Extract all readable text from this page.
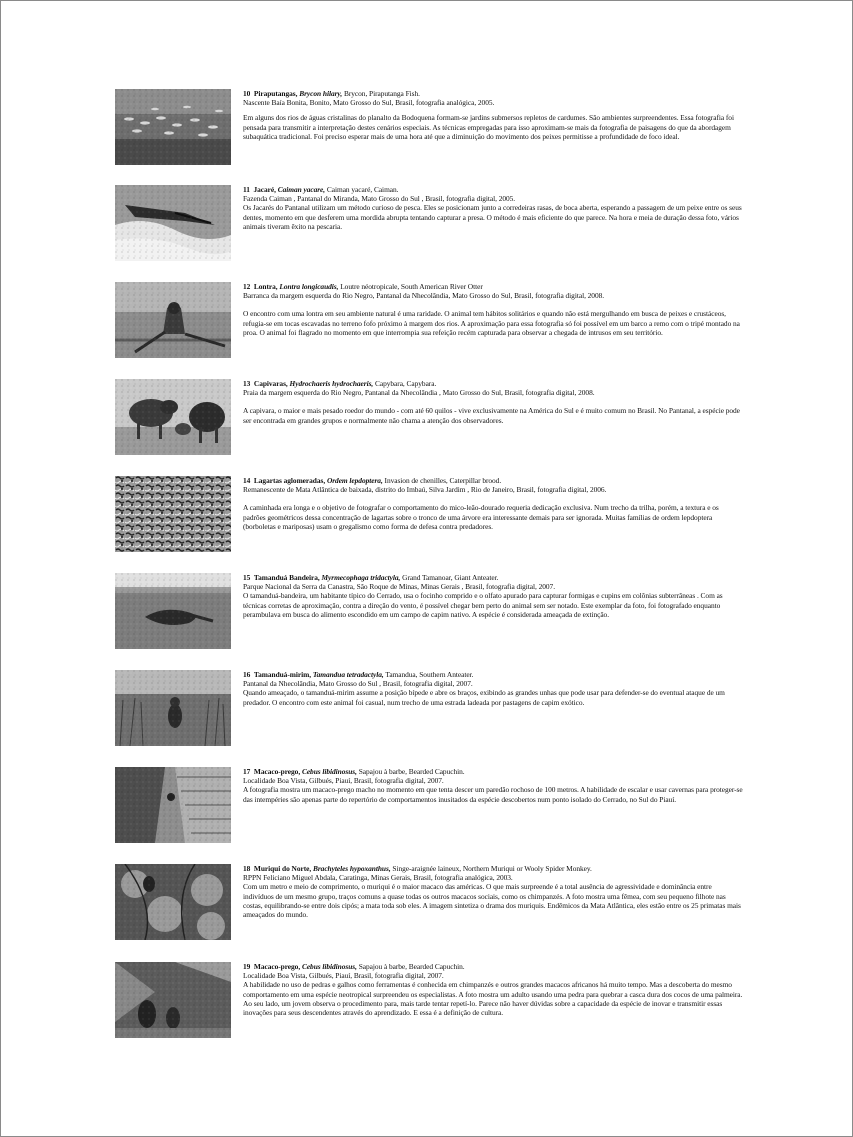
10 Piraputangas, Brycon hilary, Brycon, Piraputanga Fish.

Nascente Baía Bonita, Bonito, Mato Grosso do Sul, Brasil, fotografia analógica, 2005.

Em alguns dos rios de águas cristalinas do planalto da Bodoquena formam-se jardins submersos repletos de cardumes. São ambientes surpreendentes. Essa fotografia foi pensada para transmitir a interpretação destes cenários especiais. As técnicas empregadas para isso aproximam-se mais da fotografia de paisagens do que da abordagem subaquática tradicional. Foi preciso esperar mais de uma hora até que a diminuição do movimento dos peixes permitisse a profundidade de foco ideal.

11 Jacaré, Caiman yacare, Caiman yacaré, Caiman.

Fazenda Caiman , Pantanal do Miranda, Mato Grosso do Sul , Brasil, fotografia digital, 2005.

Os Jacarés do Pantanal utilizam um método curioso de pesca. Eles se posicionam junto a corredeiras rasas, de boca aberta, esperando a passagem de um peixe entre os seus dentes, momento em que desferem uma mordida abrupta tentando capturar a presa. O método é mais eficiente do que parece. Na hora e meia de duração dessa foto, vários animais tiveram êxito na pescaria.

12 Lontra, Lontra longicaudis, Loutre néotropicale, South American River Otter

Barranca da margem esquerda do Rio Negro, Pantanal da Nhecolândia, Mato Grosso do Sul, Brasil, fotografia digital, 2008.

O encontro com uma lontra em seu ambiente natural é uma raridade. O animal tem hábitos solitários e quando não está mergulhando em busca de peixes e crustáceos, refugia-se em tocas escavadas no terreno fofo próximo à margem dos rios. A aproximação para essa fotografia só foi possível em um barco a remo com o tripé montado na proa. O animal foi flagrado no momento em que interrompia sua refeição recém capturada para observar a chegada de intrusos em seu território.

13 Capivaras, Hydrochaeris hydrochaeris, Capybara, Capybara.

Praia da margem esquerda do Rio Negro, Pantanal da Nhecolândia , Mato Grosso do Sul, Brasil, fotografia digital, 2008.

A capivara, o maior e mais pesado roedor do mundo - com até 60 quilos - vive exclusivamente na América do Sul e é muito comum no Brasil. No Pantanal, a espécie pode ser encontrada em grandes grupos e normalmente não chama a atenção dos observadores.

14 Lagartas aglomeradas, Ordem lepdoptera, Invasion de chenilles, Caterpillar brood.

Remanescente de Mata Atlântica de baixada, distrito do Imbaú, Silva Jardim , Rio de Janeiro, Brasil, fotografia digital, 2006.

A caminhada era longa e o objetivo de fotografar o comportamento do mico-leão-dourado requeria dedicação exclusiva. Num trecho da trilha, porém, a textura e os padrões geométricos dessa concentração de lagartas sobre o tronco de uma árvore era interessante demais para ser ignorada. Muitas famílias de ordem lepdoptera (borboletas e mariposas) usam o gregalismo como forma de defesa contra predadores.

15 Tamanduá Bandeira, Myrmecophaga tridactyla, Grand Tamanoar, Giant Anteater.

Parque Nacional da Serra da Canastra, São Roque de Minas, Minas Gerais , Brasil, fotografia digital, 2007.

O tamanduá-bandeira, um habitante típico do Cerrado, usa o focinho comprido e o olfato apurado para capturar formigas e cupins em colônias subterrâneas . Com as técnicas corretas de aproximação, contra a direção do vento, é possível chegar bem perto do animal sem ser notado. Este exemplar da foto, foi fotografado enquanto perambulava em busca do alimento escondido em um campo de capim nativo. A espécie é considerada ameaçada de extinção.

16 Tamanduá-mirim, Tamandua tetradactyla, Tamandua, Southern Anteater.

Pantanal da Nhecolândia, Mato Grosso do Sul , Brasil, fotografia digital, 2007.

Quando ameaçado, o tamanduá-mirim assume a posição bípede e abre os braços, exibindo as grandes unhas que pode usar para defender-se do eventual ataque de um predador. O encontro com este animal foi casual, num trecho de uma estrada ladeada por pastagens de capim exótico.

17 Macaco-prego, Cebus libidinosus, Sapajou à barbe, Bearded Capuchin.

Localidade Boa Vista, Gilbués, Piauí, Brasil, fotografia digital, 2007.

A fotografia mostra um macaco-prego macho no momento em que tenta descer um paredão rochoso de 100 metros. A habilidade de escalar e usar cavernas para proteger-se das intempéries são apenas parte do repertório de comportamentos inusitados da espécie descobertos num ponto isolado do Cerrado, no Sul do Piauí.

18 Muriqui do Norte, Brachyteles hypoxanthus, Singe-araignée laineux, Northern Muriqui or Wooly Spider Monkey.

RPPN Feliciano Miguel Abdala, Caratinga, Minas Gerais, Brasil, fotografia analógica, 2003.

Com um metro e meio de comprimento, o muriqui é o maior macaco das américas. O que mais surpreende é a total ausência de agressividade e dominância entre indivíduos de um mesmo grupo, traços comuns a quase todas os outros macacos sociais, como os chimpanzés. A foto mostra uma fêmea, com seu pequeno filhote nas costas, equilibrando-se entre dois cipós; a mata toda sob eles. A imagem sintetiza o drama dos muriquis. Endêmicos da Mata Atlântica, eles estão entre os 25 primatas mais ameaçados do mundo.

19 Macaco-prego, Cebus libidinosus, Sapajou à barbe, Bearded Capuchin.

Localidade Boa Vista, Gilbués, Piauí, Brasil, fotografia digital, 2007.

A habilidade no uso de pedras e galhos como ferramentas é conhecida em chimpanzés e outros grandes macacos africanos há muito tempo. Mas a descoberta do mesmo comportamento em uma espécie neotropical surpreendeu os especialistas. A foto mostra um adulto usando uma pedra para quebrar a casca dura dos cocos de uma palmeira. Ao seu lado, um jovem observa o procedimento para, mais tarde tentar repetí-lo. Parece não haver dúvidas sobre a capacidade da espécie de inovar e transmitir essas inovações para seus descendentes através do aprendizado. E essa é a definição de cultura.
